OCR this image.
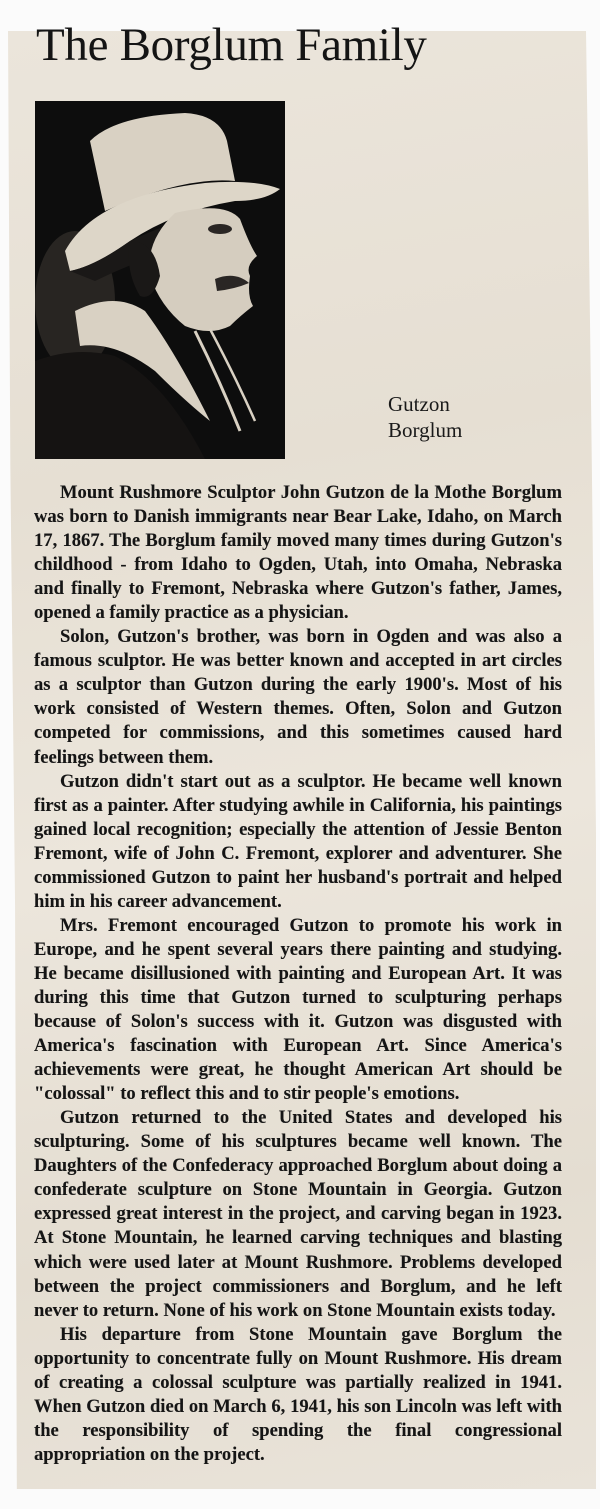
The Borglum Family
Gutzon
Borglum

Mount Rushmore Sculptor John Gutzon de la Mothe Borglum was born to Danish immigrants near Bear Lake, Idaho, on March 17, 1867. The Borglum family moved many times during Gutzon's childhood - from Idaho to Ogden, Utah, into Omaha, Nebraska and finally to Fremont, Nebraska where Gutzon's father, James, opened a family practice as a physician.

Solon, Gutzon's brother, was born in Ogden and was also a famous sculptor. He was better known and accepted in art circles as a sculptor than Gutzon during the early 1900's. Most of his work consisted of Western themes. Often, Solon and Gutzon competed for commissions, and this sometimes caused hard feelings between them.

Gutzon didn't start out as a sculptor. He became well known first as a painter. After studying awhile in California, his paintings gained local recognition; especially the attention of Jessie Benton Fremont, wife of John C. Fremont, explorer and adventurer. She commissioned Gutzon to paint her husband's portrait and helped him in his career advancement.

Mrs. Fremont encouraged Gutzon to promote his work in Europe, and he spent several years there painting and studying. He became disillusioned with painting and European Art. It was during this time that Gutzon turned to sculpturing perhaps because of Solon's success with it. Gutzon was disgusted with America's fascination with European Art. Since America's achievements were great, he thought American Art should be "colossal" to reflect this and to stir people's emotions.

Gutzon returned to the United States and developed his sculpturing. Some of his sculptures became well known. The Daughters of the Confederacy approached Borglum about doing a confederate sculpture on Stone Mountain in Georgia. Gutzon expressed great interest in the project, and carving began in 1923. At Stone Mountain, he learned carving techniques and blasting which were used later at Mount Rushmore. Problems developed between the project commissioners and Borglum, and he left never to return. None of his work on Stone Mountain exists today.

His departure from Stone Mountain gave Borglum the opportunity to concentrate fully on Mount Rushmore. His dream of creating a colossal sculpture was partially realized in 1941. When Gutzon died on March 6, 1941, his son Lincoln was left with the responsibility of spending the final congressional appropriation on the project.
